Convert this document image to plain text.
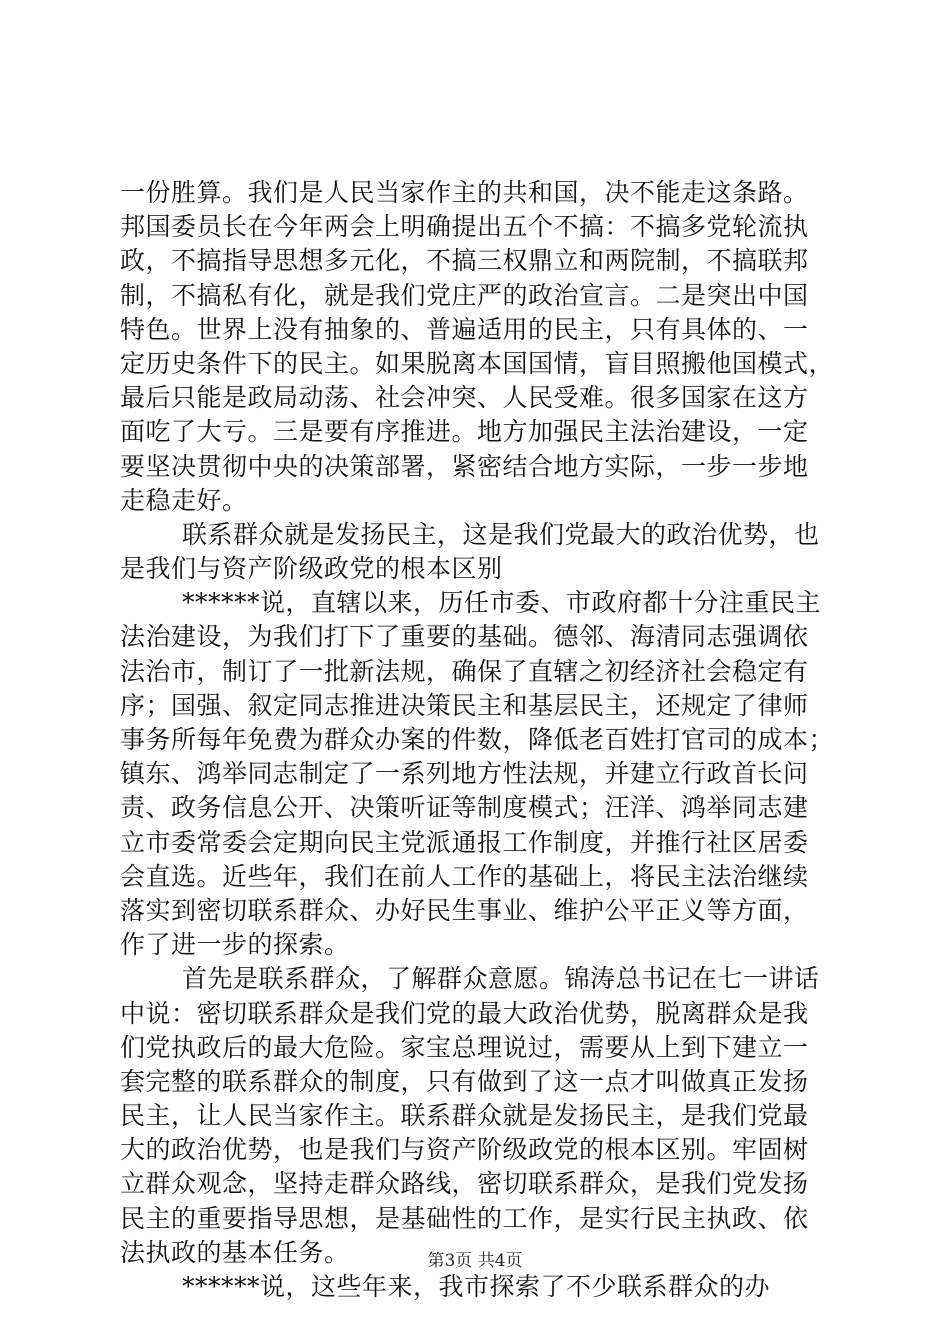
一份胜算。我们是人民当家作主的共和国，决不能走这条路。
邦国委员长在今年两会上明确提出五个不搞：不搞多党轮流执
政，不搞指导思想多元化，不搞三权鼎立和两院制，不搞联邦
制，不搞私有化，就是我们党庄严的政治宣言。二是突出中国
特色。世界上没有抽象的、普遍适用的民主，只有具体的、一
定历史条件下的民主。如果脱离本国国情，盲目照搬他国模式，
最后只能是政局动荡、社会冲突、人民受难。很多国家在这方
面吃了大亏。三是要有序推进。地方加强民主法治建设，一定
要坚决贯彻中央的决策部署，紧密结合地方实际，一步一步地
走稳走好。
联系群众就是发扬民主，这是我们党最大的政治优势，也
是我们与资产阶级政党的根本区别
******说，直辖以来，历任市委、市政府都十分注重民主
法治建设，为我们打下了重要的基础。德邻、海清同志强调依
法治市，制订了一批新法规，确保了直辖之初经济社会稳定有
序；国强、叙定同志推进决策民主和基层民主，还规定了律师
事务所每年免费为群众办案的件数，降低老百姓打官司的成本；
镇东、鸿举同志制定了一系列地方性法规，并建立行政首长问
责、政务信息公开、决策听证等制度模式；汪洋、鸿举同志建
立市委常委会定期向民主党派通报工作制度，并推行社区居委
会直选。近些年，我们在前人工作的基础上，将民主法治继续
落实到密切联系群众、办好民生事业、维护公平正义等方面，
作了进一步的探索。
首先是联系群众，了解群众意愿。锦涛总书记在七一讲话
中说：密切联系群众是我们党的最大政治优势，脱离群众是我
们党执政后的最大危险。家宝总理说过，需要从上到下建立一
套完整的联系群众的制度，只有做到了这一点才叫做真正发扬
民主，让人民当家作主。联系群众就是发扬民主，是我们党最
大的政治优势，也是我们与资产阶级政党的根本区别。牢固树
立群众观念，坚持走群众路线，密切联系群众，是我们党发扬
民主的重要指导思想，是基础性的工作，是实行民主执政、依
法执政的基本任务。
******说，这些年来，我市探索了不少联系群众的办
第3页 共4页
